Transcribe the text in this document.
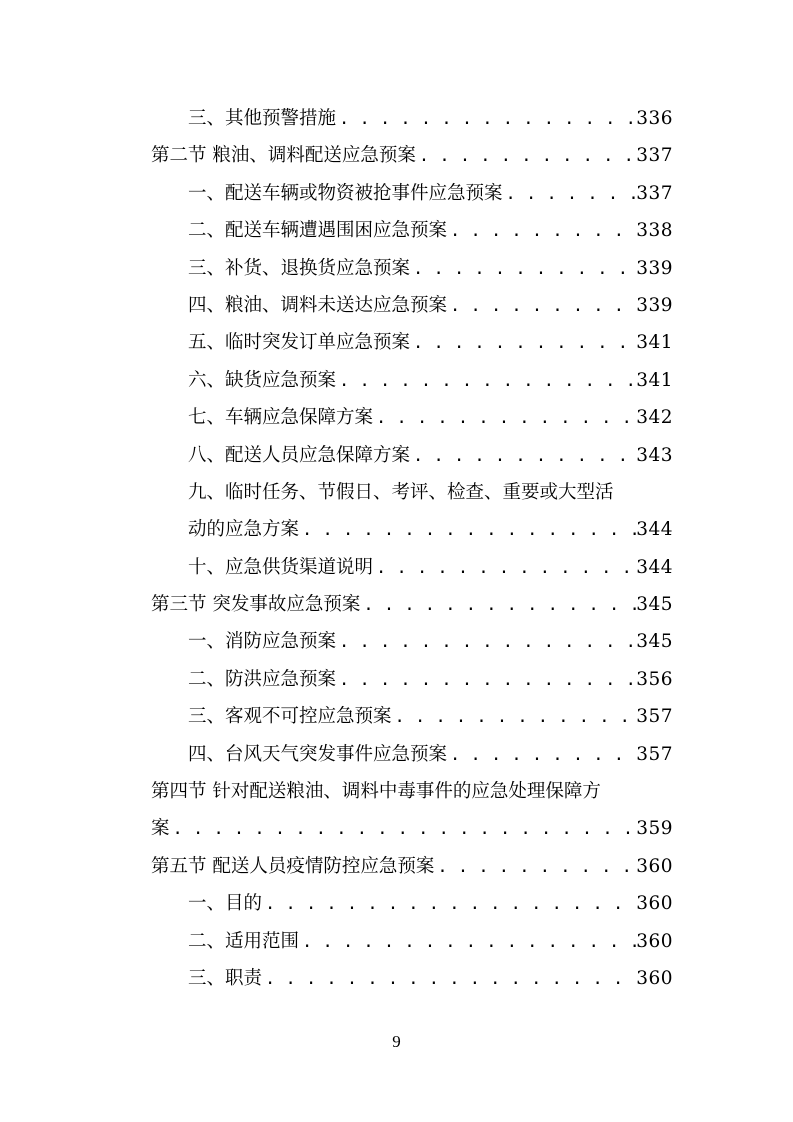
三、其他预警措施 . . .	336
第二节 粮油、调料配送应急预案 . . .	337
一、配送车辆或物资被抢事件应急预案 . . .	337
二、配送车辆遭遇围困应急预案 . . .	338
三、补货、退换货应急预案 . . .	339
四、粮油、调料未送达应急预案 . . .	339
五、临时突发订单应急预案 . . .	341
六、缺货应急预案 . . .	341
七、车辆应急保障方案 . . .	342
八、配送人员应急保障方案 . . .	343
九、临时任务、节假日、考评、检查、重要或大型活
动的应急方案 . . .	344
十、应急供货渠道说明 . . .	344
第三节 突发事故应急预案 . . .	345
一、消防应急预案 . . .	345
二、防洪应急预案 . . .	356
三、客观不可控应急预案 . . .	357
四、台风天气突发事件应急预案 . . .	357
第四节 针对配送粮油、调料中毒事件的应急处理保障方
案 . . .	359
第五节 配送人员疫情防控应急预案 . . .	360
一、目的 . . .	360
二、适用范围 . . .	360
三、职责 . . .	360
9
